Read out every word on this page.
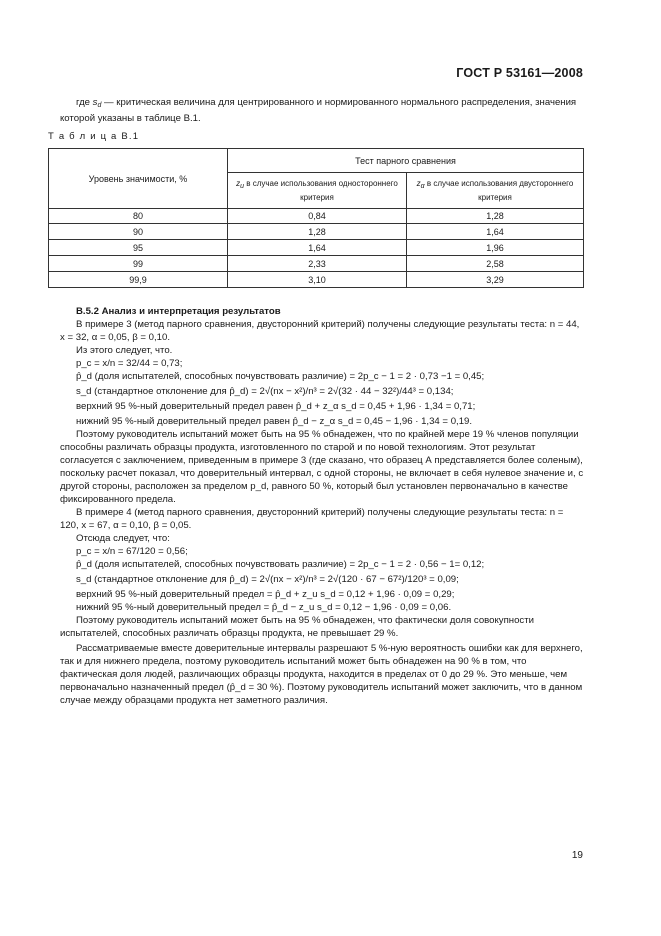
ГОСТ Р 53161—2008

где $s_d$ — критическая величина для центрированного и нормированного нормального распределения, значения которой указаны в таблице В.1.

Т а б л и ц а В.1
Уровень значимости, %	Тест парного сравнения	
	zu в случае использования одностороннего критерия	zα в случае использования двустороннего критерия
80	0,84	1,28
90	1,28	1,64
95	1,64	1,96
99	2,33	2,58
99,9	3,10	3,29

В.5.2 Анализ и интерпретация результатов

В примере 3 (метод парного сравнения, двусторонний критерий) получены следующие результаты теста: n = 44, x = 32, α = 0,05, β = 0,10.

Из этого следует, что.

p_c = x/n = 32/44 = 0,73;

p̂_d (доля испытателей, способных почувствовать различие) = 2p_c − 1 = 2 · 0,73 −1 = 0,45;

s_d (стандартное отклонение для p̂_d) = 2√(nx − x²)/n³ = 2√(32 · 44 − 32²)/44³ = 0,134;

верхний 95 %-ный доверительный предел равен p̂_d + z_α s_d = 0,45 + 1,96 · 1,34 = 0,71;

нижний 95 %-ный доверительный предел равен p̂_d − z_α s_d = 0,45 − 1,96 · 1,34 = 0,19.

Поэтому руководитель испытаний может быть на 95 % обнадежен, что по крайней мере 19 % членов популяции способны различать образцы продукта, изготовленного по старой и по новой технологиям. Этот результат согласуется с заключением, приведенным в примере 3 (где сказано, что образец А представляется более соленым), поскольку расчет показал, что доверительный интервал, с одной стороны, не включает в себя нулевое значение и, с другой стороны, расположен за пределом p_d, равного 50 %, который был установлен первоначально в качестве фиксированного предела.

В примере 4 (метод парного сравнения, двусторонний критерий) получены следующие результаты теста: n = 120, x = 67, α = 0,10, β = 0,05.

Отсюда следует, что:

p_c = x/n = 67/120 = 0,56;

p̂_d (доля испытателей, способных почувствовать различие) = 2p_c − 1 = 2 · 0,56 − 1= 0,12;

s_d (стандартное отклонение для p̂_d) = 2√(nx − x²)/n³ = 2√(120 · 67 − 67²)/120³ = 0,09;

верхний 95 %-ный доверительный предел = p̂_d + z_u s_d = 0,12 + 1,96 · 0,09 = 0,29;

нижний 95 %-ный доверительный предел = p̂_d − z_u s_d = 0,12 − 1,96 · 0,09 = 0,06.

Поэтому руководитель испытаний может быть на 95 % обнадежен, что фактически доля совокупности испытателей, способных различать образцы продукта, не превышает 29 %.

Рассматриваемые вместе доверительные интервалы разрешают 5 %-ную вероятность ошибки как для верхнего, так и для нижнего предела, поэтому руководитель испытаний может быть обнадежен на 90 % в том, что фактическая доля людей, различающих образцы продукта, находится в пределах от 0 до 29 %. Это меньше, чем первоначально назначенный предел (p̂_d = 30 %). Поэтому руководитель испытаний может заключить, что в данном случае между образцами продукта нет заметного различия.

19
